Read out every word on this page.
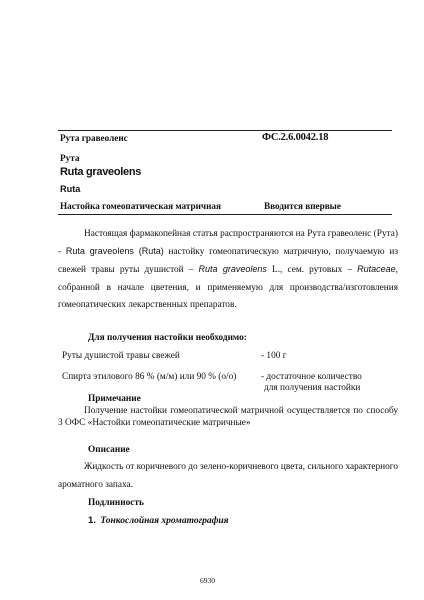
Рута гравеоленс	ФС.2.6.0042.18
Рута
Ruta graveolens
Ruta
Настойка гомеопатическая матричная	Вводится впервые
Настоящая фармакопейная статья распространяются на Рута гравеоленс (Рута) - Ruta graveolens (Ruta) настойку гомеопатическую матричную, получаемую из свежей травы руты душистой – Ruta graveolens L., сем. рутовых – Rutaceae, собранной в начале цветения, и применяемую для производства/изготовления гомеопатических лекарственных препаратов.
Для получения настойки необходимо:
Руты душистой травы свежей	- 100 г
Спирта этилового 86 % (м/м) или 90 % (о/о)	- достаточное количество
для получения настойки
Примечание
Получение настойки гомеопатической матричной осуществляется по способу 3 ОФС «Настойки гомеопатические матричные»
Описание
Жидкость от коричневого до зелено-коричневого цвета, сильного характерного ароматного запаха.
Подлинность
1. Тонкослойная хроматография
6930
